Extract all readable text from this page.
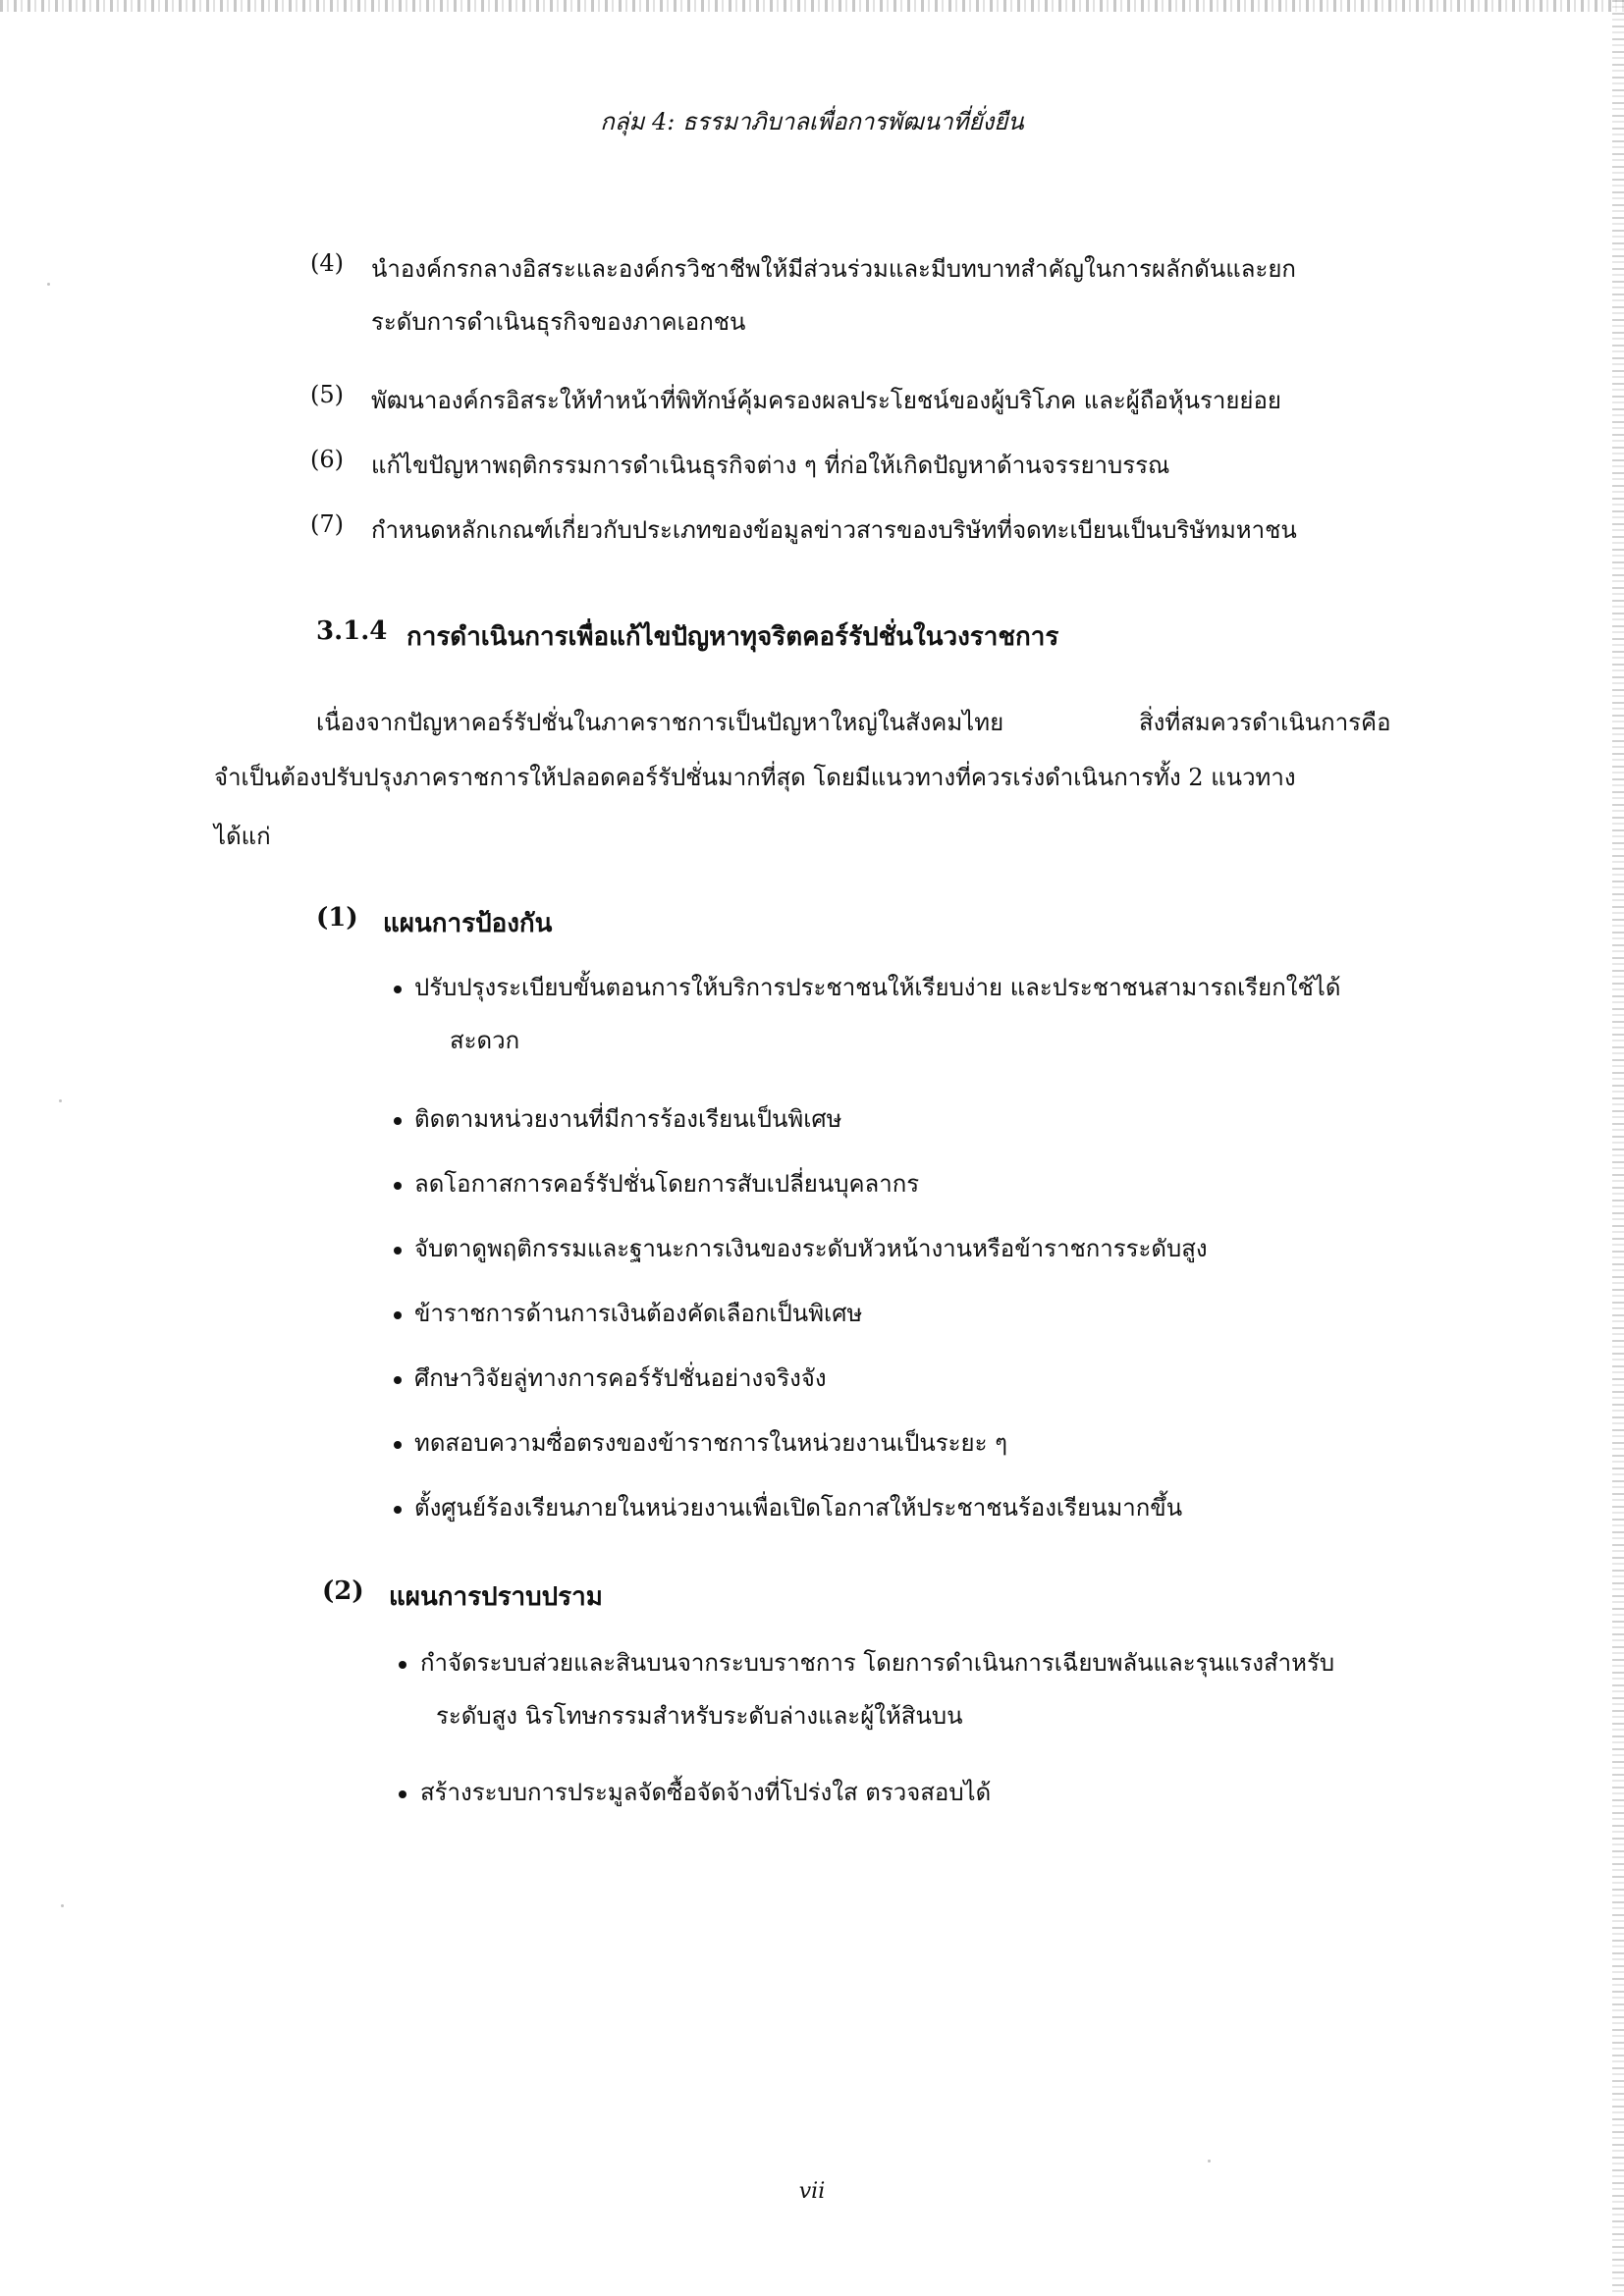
กลุ่ม 4: ธรรมาภิบาลเพื่อการพัฒนาที่ยั่งยืน
(4) นำองค์กรกลางอิสระและองค์กรวิชาชีพให้มีส่วนร่วมและมีบทบาทสำคัญในการผลักดันและยก
ระดับการดำเนินธุรกิจของภาคเอกชน
(5) พัฒนาองค์กรอิสระให้ทำหน้าที่พิทักษ์คุ้มครองผลประโยชน์ของผู้บริโภค และผู้ถือหุ้นรายย่อย
(6) แก้ไขปัญหาพฤติกรรมการดำเนินธุรกิจต่าง ๆ ที่ก่อให้เกิดปัญหาด้านจรรยาบรรณ
(7) กำหนดหลักเกณฑ์เกี่ยวกับประเภทของข้อมูลข่าวสารของบริษัทที่จดทะเบียนเป็นบริษัทมหาชน
3.1.4 การดำเนินการเพื่อแก้ไขปัญหาทุจริตคอร์รัปชั่นในวงราชการ
เนื่องจากปัญหาคอร์รัปชั่นในภาคราชการเป็นปัญหาใหญ่ในสังคมไทย	สิ่งที่สมควรดำเนินการคือ
จำเป็นต้องปรับปรุงภาคราชการให้ปลอดคอร์รัปชั่นมากที่สุด โดยมีแนวทางที่ควรเร่งดำเนินการทั้ง 2 แนวทาง
ได้แก่
(1) แผนการป้องกัน
ปรับปรุงระเบียบขั้นตอนการให้บริการประชาชนให้เรียบง่าย และประชาชนสามารถเรียกใช้ได้
สะดวก
ติดตามหน่วยงานที่มีการร้องเรียนเป็นพิเศษ
ลดโอกาสการคอร์รัปชั่นโดยการสับเปลี่ยนบุคลากร
จับตาดูพฤติกรรมและฐานะการเงินของระดับหัวหน้างานหรือข้าราชการระดับสูง
ข้าราชการด้านการเงินต้องคัดเลือกเป็นพิเศษ
ศึกษาวิจัยลู่ทางการคอร์รัปชั่นอย่างจริงจัง
ทดสอบความซื่อตรงของข้าราชการในหน่วยงานเป็นระยะ ๆ
ตั้งศูนย์ร้องเรียนภายในหน่วยงานเพื่อเปิดโอกาสให้ประชาชนร้องเรียนมากขึ้น
(2) แผนการปราบปราม
กำจัดระบบส่วยและสินบนจากระบบราชการ โดยการดำเนินการเฉียบพลันและรุนแรงสำหรับ
ระดับสูง นิรโทษกรรมสำหรับระดับล่างและผู้ให้สินบน
สร้างระบบการประมูลจัดซื้อจัดจ้างที่โปร่งใส ตรวจสอบได้
vii
